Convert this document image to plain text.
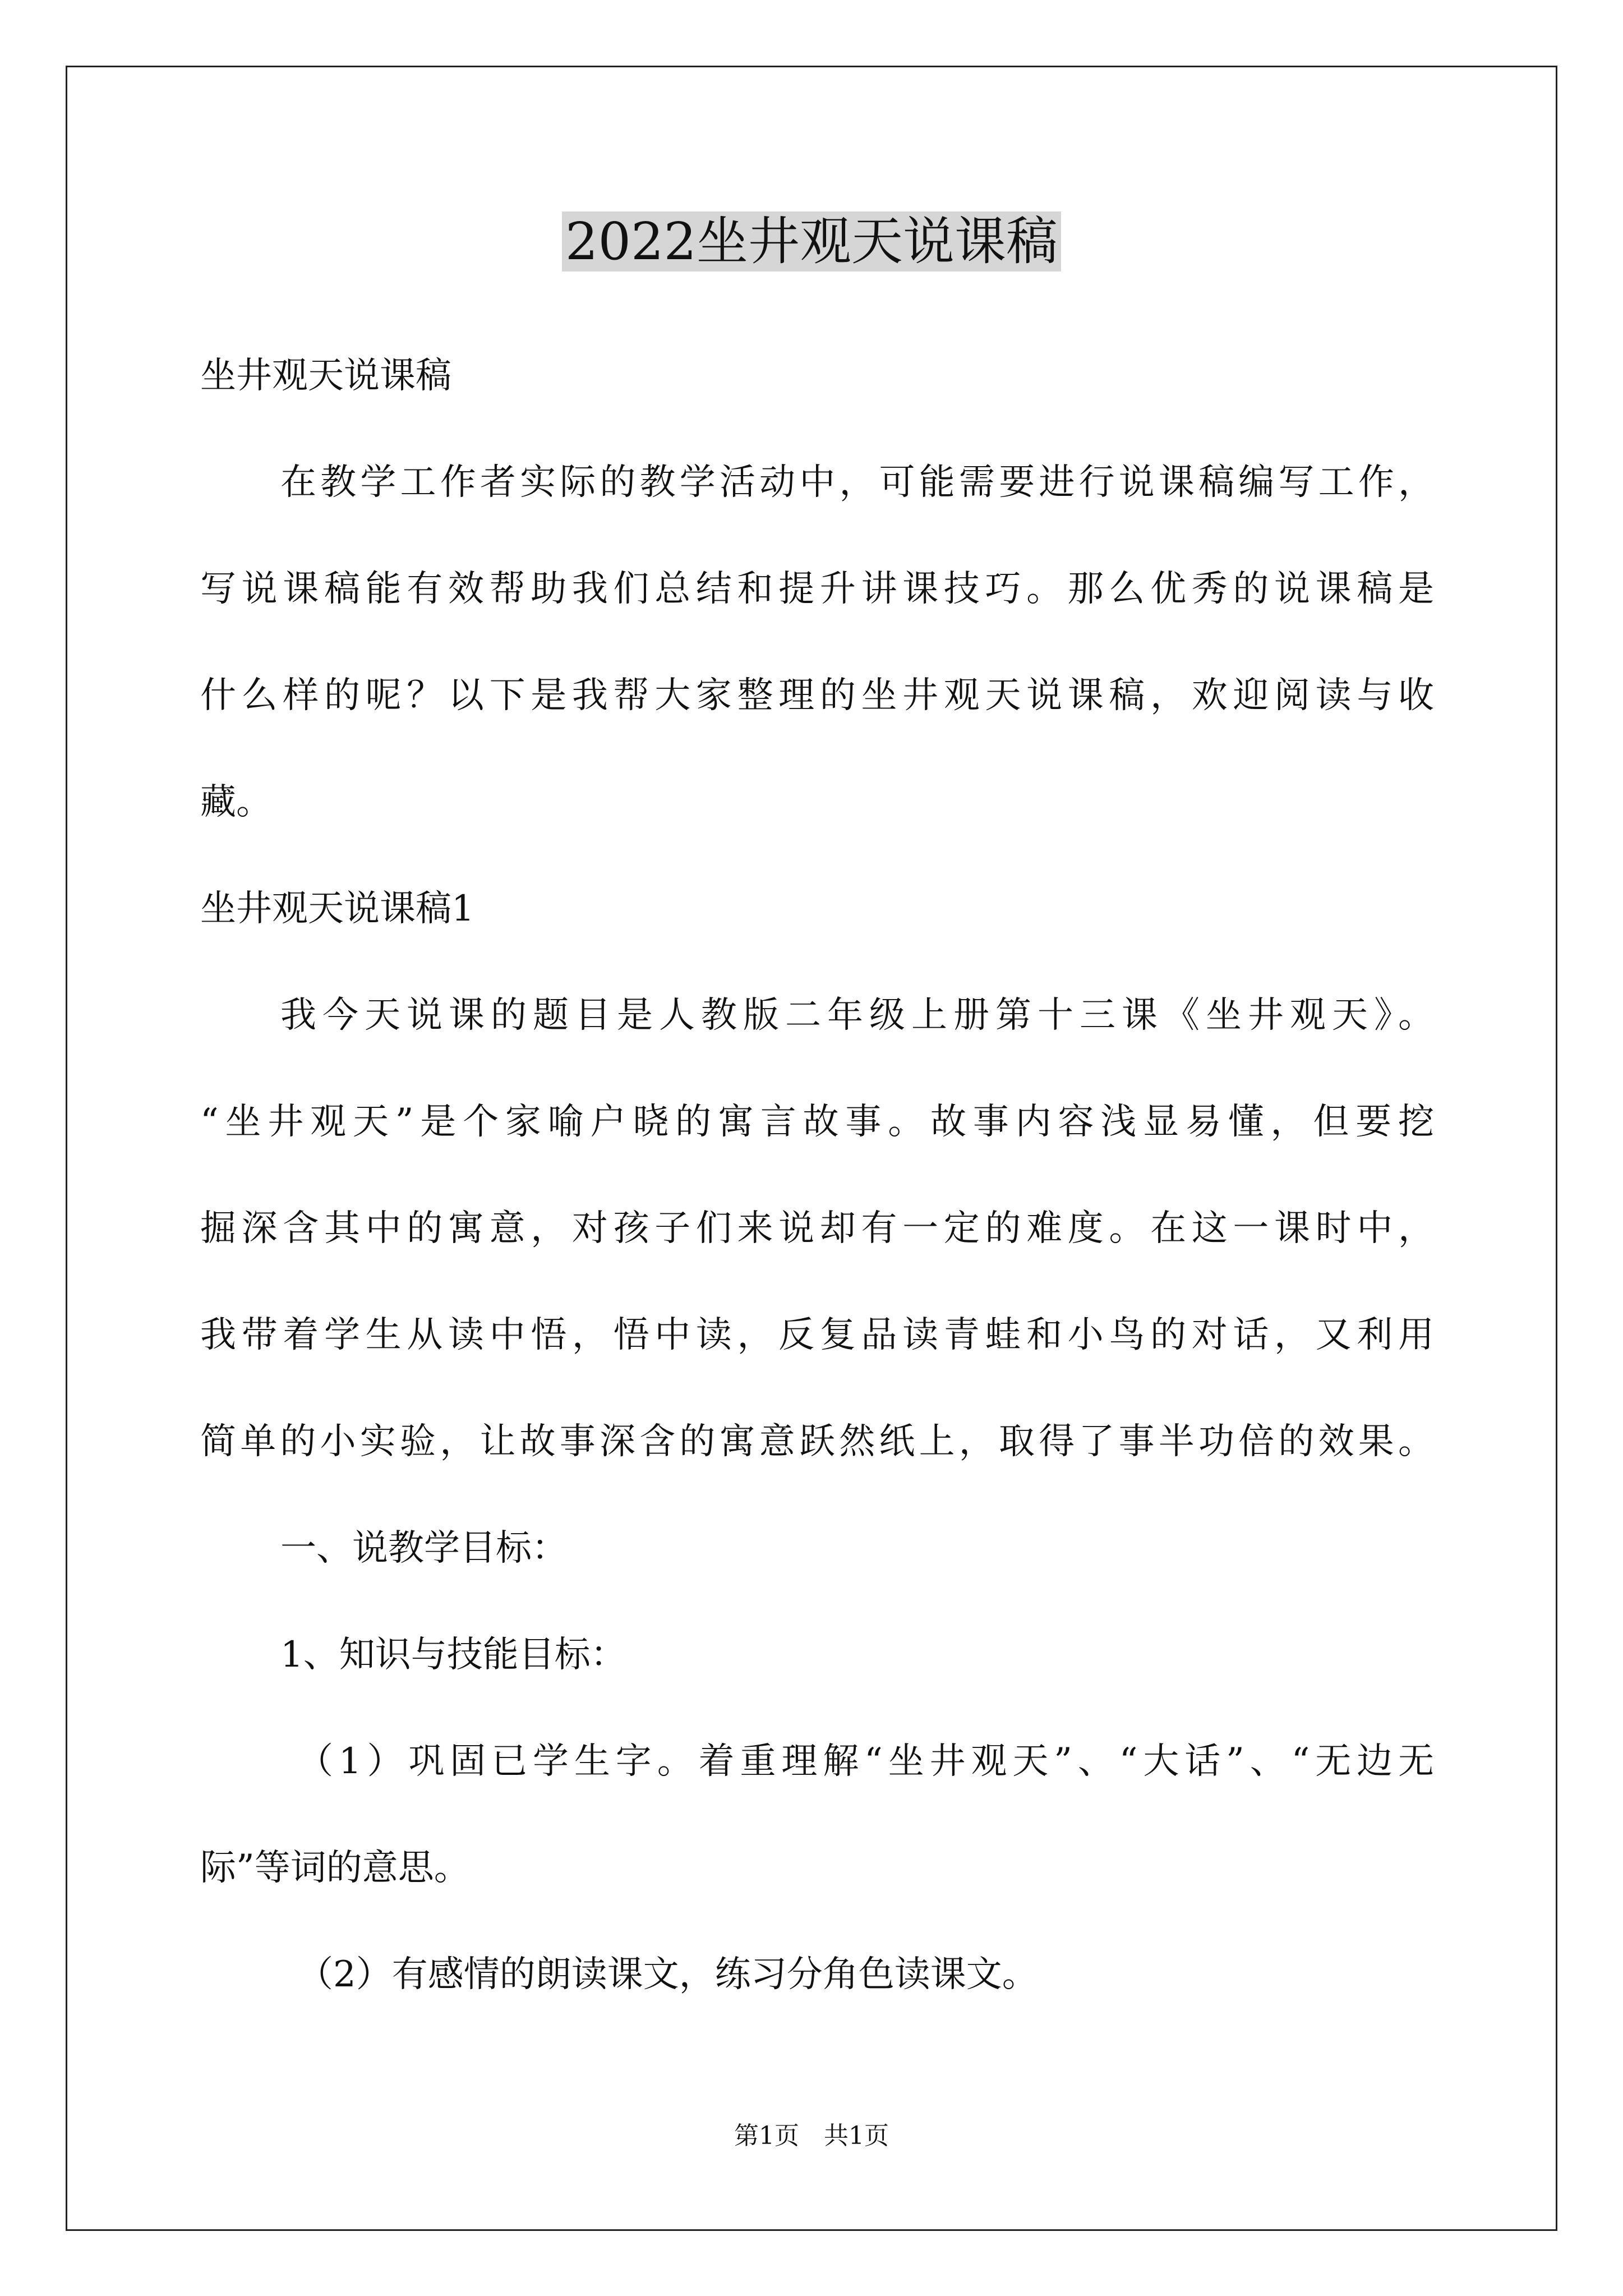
2022坐井观天说课稿
坐井观天说课稿
在教学工作者实际的教学活动中，可能需要进行说课稿编写工作，
写说课稿能有效帮助我们总结和提升讲课技巧。那么优秀的说课稿是
什么样的呢？以下是我帮大家整理的坐井观天说课稿，欢迎阅读与收
藏。
坐井观天说课稿1
我今天说课的题目是人教版二年级上册第十三课《坐井观天》。
“坐井观天”是个家喻户晓的寓言故事。故事内容浅显易懂，但要挖
掘深含其中的寓意，对孩子们来说却有一定的难度。在这一课时中，
我带着学生从读中悟，悟中读，反复品读青蛙和小鸟的对话，又利用
简单的小实验，让故事深含的寓意跃然纸上，取得了事半功倍的效果。
一、说教学目标：
1、知识与技能目标：
（1）巩固已学生字。着重理解“坐井观天”、“大话”、“无边无
际”等词的意思。
（2）有感情的朗读课文，练习分角色读课文。
第1页　共1页
